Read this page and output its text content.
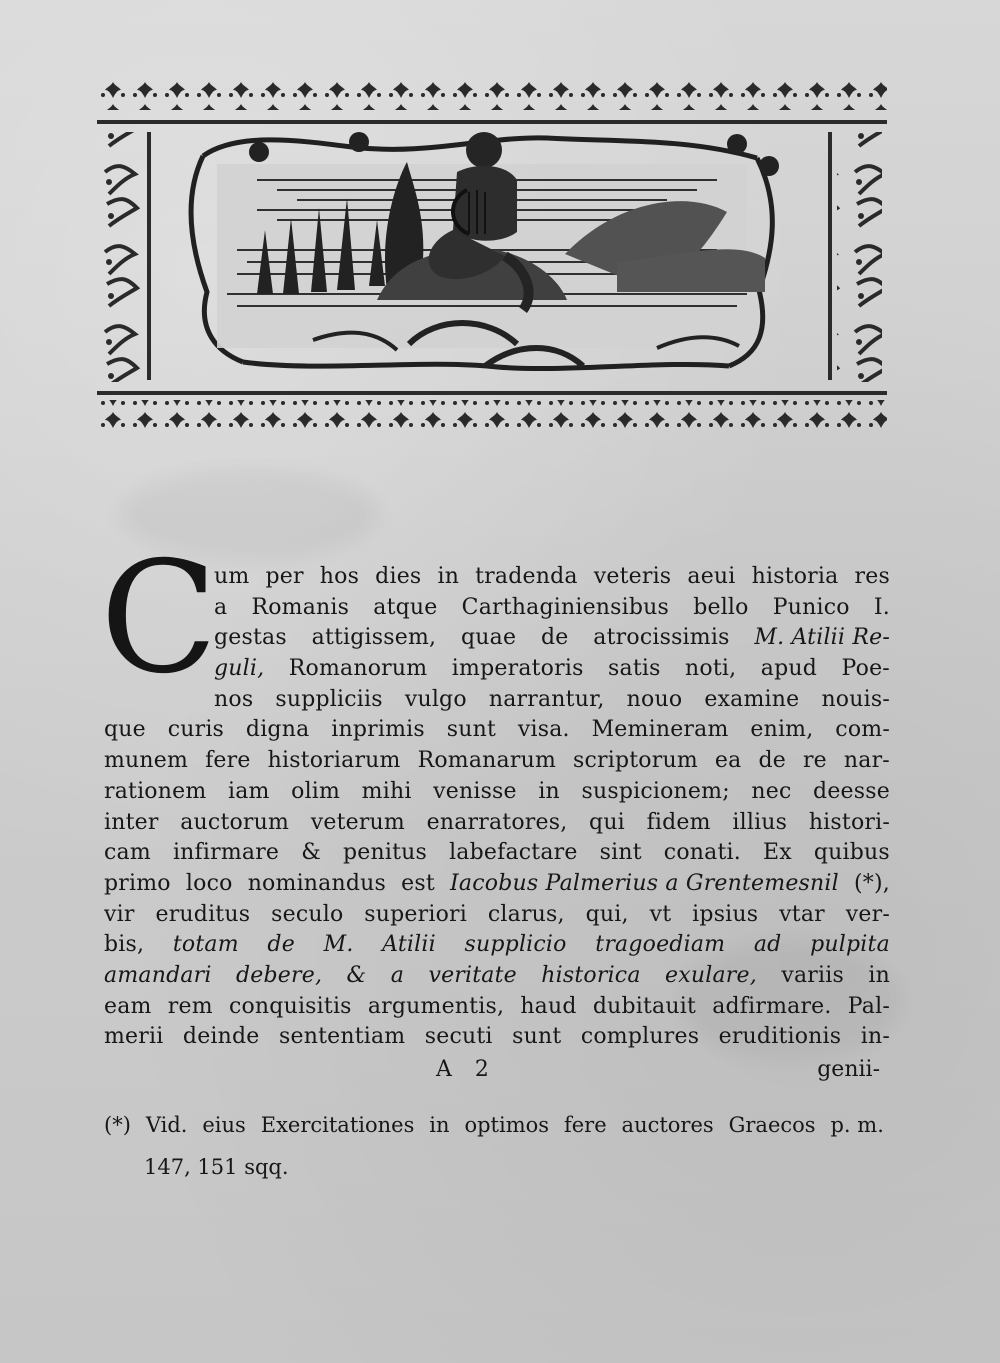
C
um per hos dies in tradenda veteris aeui historia res
a Romanis atque Carthaginiensibus bello Punico I.
gestas attigissem, quae de atrocissimis M. Atilii Re-
guli, Romanorum imperatoris satis noti, apud Poe-
nos suppliciis vulgo narrantur, nouo examine nouis-
que curis digna inprimis sunt visa. Memineram enim, com-
munem fere historiarum Romanarum scriptorum ea de re nar-
rationem iam olim mihi venisse in suspicionem; nec deesse
inter auctorum veterum enarratores, qui fidem illius histori-
cam infirmare & penitus labefactare sint conati. Ex quibus
primo loco nominandus est Iacobus Palmerius a Grentemesnil (*),
vir eruditus seculo superiori clarus, qui, vt ipsius vtar ver-
bis, totam de M. Atilii supplicio tragoediam ad pulpita
amandari debere, & a veritate historica exulare, variis in
eam rem conquisitis argumentis, haud dubitauit adfirmare. Pal-
merii deinde sententiam secuti sunt complures eruditionis in-
A 2	genii-
(*) Vid. eius Exercitationes in optimos fere auctores Graecos p. m.
147, 151 sqq.
